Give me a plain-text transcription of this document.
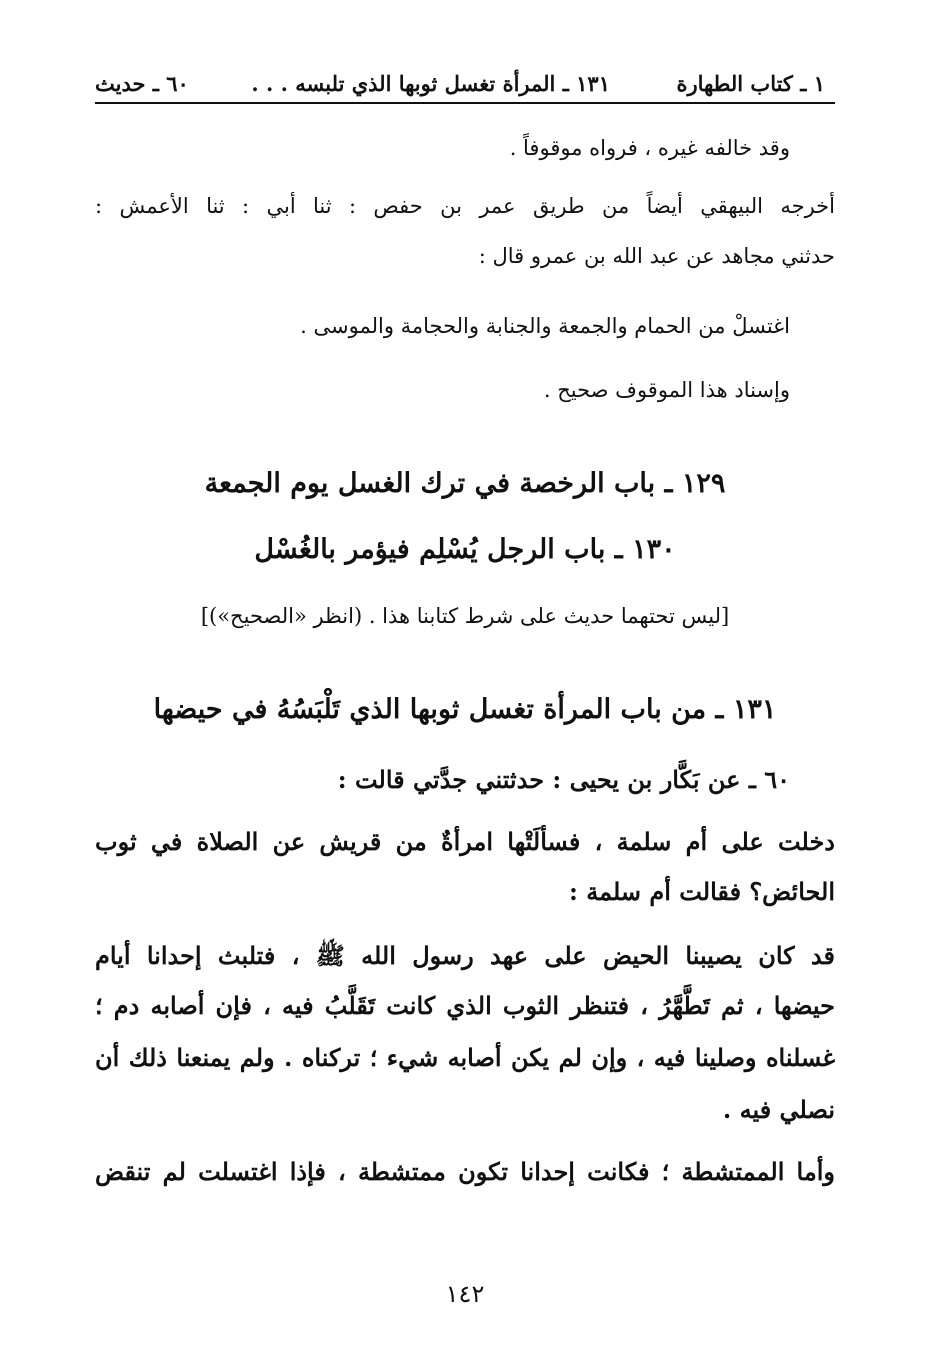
١ ـ كتاب الطهارة
١٣١ ـ المرأة تغسل ثوبها الذي تلبسه . . .
٦٠ ـ حديث
وقد خالفه غيره ، فرواه موقوفاً .
أخرجه البيهقي أيضاً من طريق عمر بن حفص : ثنا أبي : ثنا الأعمش :
حدثني مجاهد عن عبد الله بن عمرو قال :
اغتسلْ من الحمام والجمعة والجنابة والحجامة والموسى .
وإسناد هذا الموقوف صحيح .
١٢٩ ـ باب الرخصة في ترك الغسل يوم الجمعة
١٣٠ ـ باب الرجل يُسْلِم فيؤمر بالغُسْل
[ليس تحتهما حديث على شرط كتابنا هذا . (انظر «الصحيح»)]
١٣١ ـ من باب المرأة تغسل ثوبها الذي تَلْبَسُهُ في حيضها
٦٠ ـ عن بَكَّار بن يحيى : حدثتني جدَّتي قالت :
دخلت على أم سلمة ، فسألَتْها امرأةٌ من قريش عن الصلاة في ثوب
الحائض؟ فقالت أم سلمة :
قد كان يصيبنا الحيض على عهد رسول الله ﷺ ، فتلبث إحدانا أيام
حيضها ، ثم تَطَّهَّرُ ، فتنظر الثوب الذي كانت تَقَلَّبُ فيه ، فإن أصابه دم ؛
غسلناه وصلينا فيه ، وإن لم يكن أصابه شيء ؛ تركناه . ولم يمنعنا ذلك أن
نصلي فيه .
وأما الممتشطة ؛ فكانت إحدانا تكون ممتشطة ، فإذا اغتسلت لم تنقض
١٤٢
